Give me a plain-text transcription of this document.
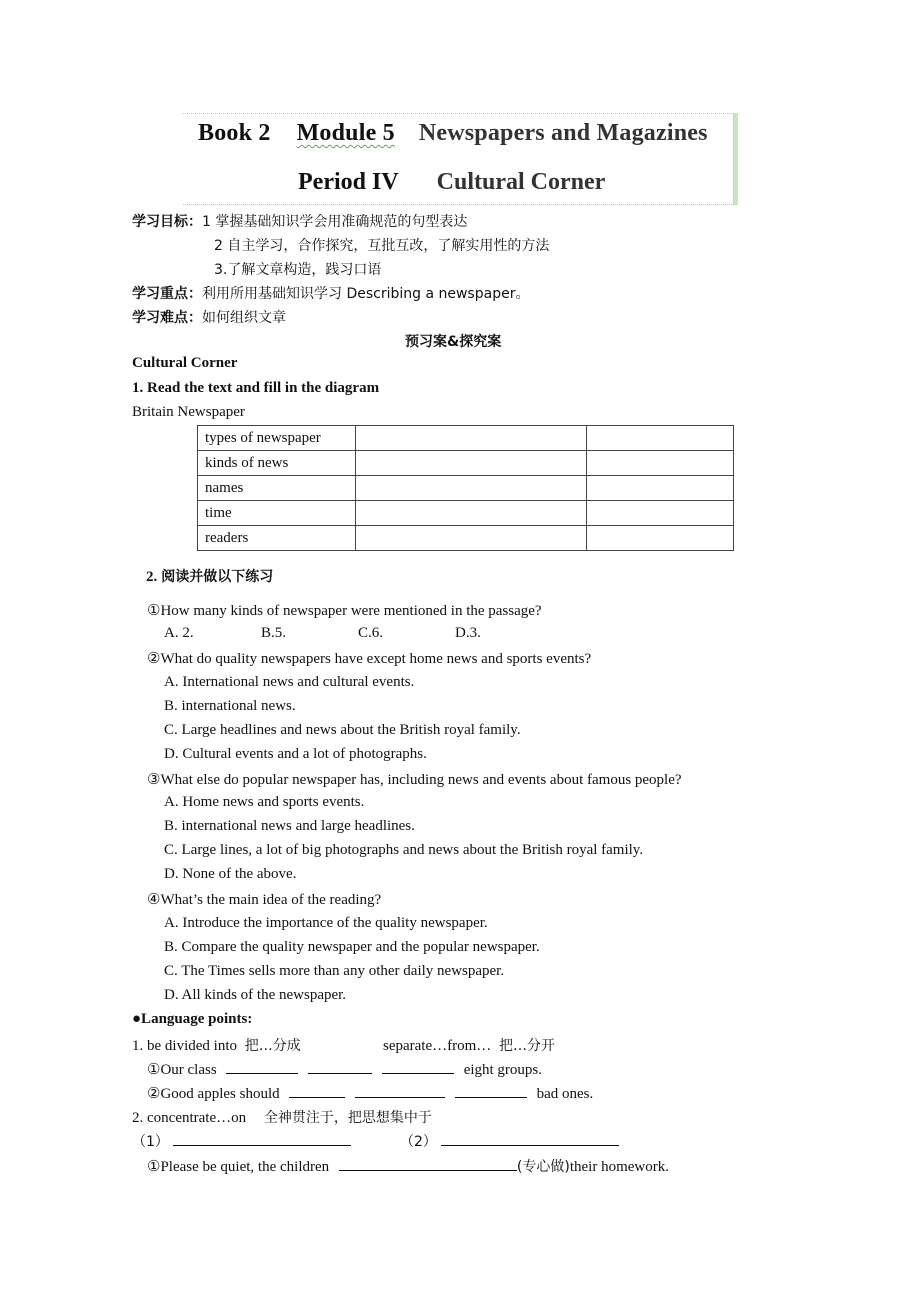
Book 2 Module 5 Newspapers and Magazines
Period IV Cultural Corner
学习目标：1 掌握基础知识学会用准确规范的句型表达
2 自主学习，合作探究，互批互改，了解实用性的方法
3.了解文章构造，践习口语
学习重点：利用所用基础知识学习 Describing a newspaper。
学习难点：如何组织文章
预习案&探究案
Cultural Corner
1. Read the text and fill in the diagram
Britain Newspaper
types of newspaper		
kinds of news		
names		
time		
readers		
2. 阅读并做以下练习
①How many kinds of newspaper were mentioned in the passage?
A. 2.	B.5.	C.6.	D.3.
②What do quality newspapers have except home news and sports events?
A. International news and cultural events.
B. international news.
C. Large headlines and news about the British royal family.
D. Cultural events and a lot of photographs.
③What else do popular newspaper has, including news and events about famous people?
A. Home news and sports events.
B. international news and large headlines.
C. Large lines, a lot of big photographs and news about the British royal family.
D. None of the above.
④What’s the main idea of the reading?
A. Introduce the importance of the quality newspaper.
B. Compare the quality newspaper and the popular newspaper.
C. The Times sells more than any other daily newspaper.
D. All kinds of the newspaper.
●Language points:
1. be divided into 把…分成	separate…from… 把…分开
①Our class	eight groups.
②Good apples should	bad ones.
2. concentrate…on 全神贯注于，把思想集中于
（1）	（2）
①Please be quiet, the children	(专心做)their homework.
